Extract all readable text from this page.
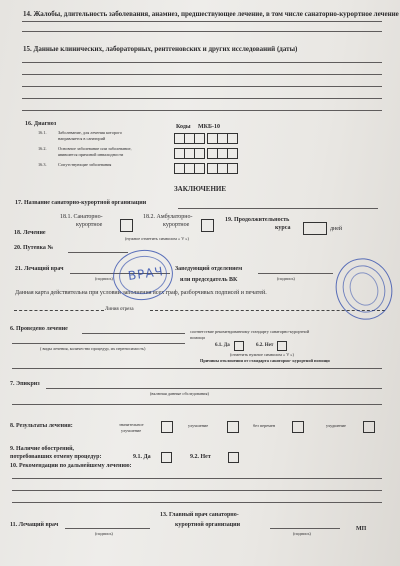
14. Жалобы, длительность заболевания, анамнез, предшествующее лечение, в том числе санаторно-курортное лечение
15. Данные клинических, лабораторных, рентгеновских и других исследований (даты)
16. Диагноз	Коды МКБ-10
16.1.	Заболевание, для лечения которого
направляется в санаторий
16.2.	Основное заболевание или заболевание,
явившееся причиной инвалидности
16.3.	Сопутствующие заболевания
ЗАКЛЮЧЕНИЕ
17. Название санаторно-курортной организации
18.1. Санаторно-
курортное
18.2. Амбулаторно-
курортное
18. Лечение
(нужное отметить символом « V »)
19. Продолжительность
курса	дней
20. Путевка №
21. Лечащий врач
(подпись)
Заведующий отделением
или председатель ВК	(подпись)
Данная карта действительна при условии заполнения всех граф, разборчивых подписей и печатей.
Линия отреза
ВРАЧ
6. Проведено лечение
( виды лечения, количество процедур, их переносимость)
соответствие рекомендованному стандарту санаторно-курортной
помощи
6.1. Да	6.2. Нет
(отметить нужное символом « V »)
Причины отклонения от стандарта санаторно- курортной помощи
7. Эпикриз
(включая данные обследования)
8. Результаты лечения:	значительное
улучшение
улучшение	без перемен	ухудшение
9. Наличие обострений,
потребовавших отмену процедур:	9.1. Да	9.2. Нет
10. Рекомендации по дальнейшему лечению:
11. Лечащий врач
(подпись)
13. Главный врач санаторно-
курортной организации
(подпись)
МП
